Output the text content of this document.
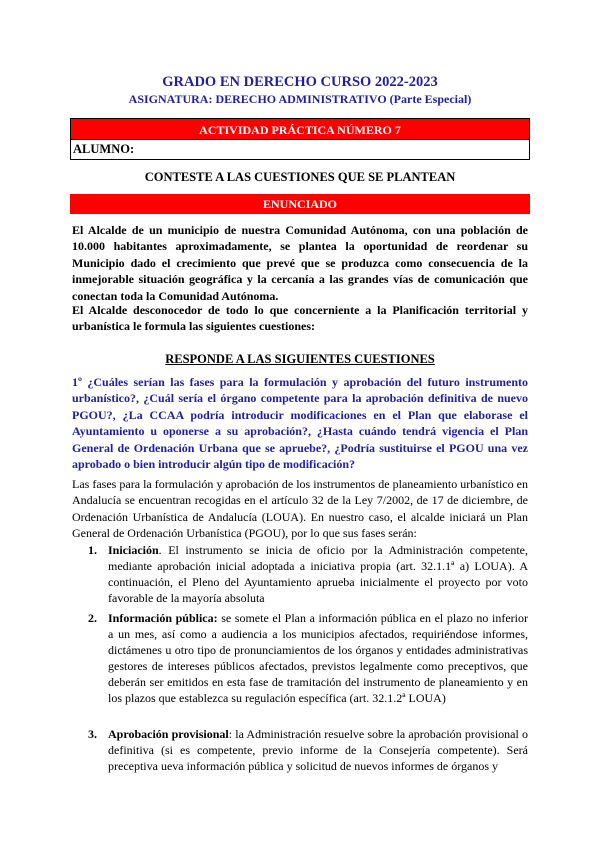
GRADO EN DERECHO CURSO 2022-2023
ASIGNATURA: DERECHO ADMINISTRATIVO (Parte Especial)
ACTIVIDAD PRÁCTICA NÚMERO 7
ALUMNO:
CONTESTE A LAS CUESTIONES QUE SE PLANTEAN
ENUNCIADO
El Alcalde de un municipio de nuestra Comunidad Autónoma, con una población de 10.000 habitantes aproximadamente, se plantea la oportunidad de reordenar su Municipio dado el crecimiento que prevé que se produzca como consecuencia de la inmejorable situación geográfica y la cercanía a las grandes vías de comunicación que conectan toda la Comunidad Autónoma.
El Alcalde desconocedor de todo lo que concerniente a la Planificación territorial y urbanística le formula las siguientes cuestiones:
RESPONDE A LAS SIGUIENTES CUESTIONES
1º ¿Cuáles serían las fases para la formulación y aprobación del futuro instrumento urbanístico?, ¿Cuál sería el órgano competente para la aprobación definitiva de nuevo PGOU?, ¿La CCAA podría introducir modificaciones en el Plan que elaborase el Ayuntamiento u oponerse a su aprobación?, ¿Hasta cuándo tendrá vigencia el Plan General de Ordenación Urbana que se apruebe?, ¿Podría sustituirse el PGOU una vez aprobado o bien introducir algún tipo de modificación?
Las fases para la formulación y aprobación de los instrumentos de planeamiento urbanístico en Andalucía se encuentran recogidas en el artículo 32 de la Ley 7/2002, de 17 de diciembre, de Ordenación Urbanística de Andalucía (LOUA). En nuestro caso, el alcalde iniciará un Plan General de Ordenación Urbanística (PGOU), por lo que sus fases serán:
1. Iniciación. El instrumento se inicia de oficio por la Administración competente, mediante aprobación inicial adoptada a iniciativa propia (art. 32.1.1ª a) LOUA). A continuación, el Pleno del Ayuntamiento aprueba inicialmente el proyecto por voto favorable de la mayoría absoluta
2. Información pública: se somete el Plan a información pública en el plazo no inferior a un mes, así como a audiencia a los municipios afectados, requiriéndose informes, dictámenes u otro tipo de pronunciamientos de los órganos y entidades administrativas gestores de intereses públicos afectados, previstos legalmente como preceptivos, que deberán ser emitidos en esta fase de tramitación del instrumento de planeamiento y en los plazos que establezca su regulación específica (art. 32.1.2ª LOUA)
3. Aprobación provisional: la Administración resuelve sobre la aprobación provisional o definitiva (si es competente, previo informe de la Consejería competente). Será preceptiva ueva información pública y solicitud de nuevos informes de órganos y
